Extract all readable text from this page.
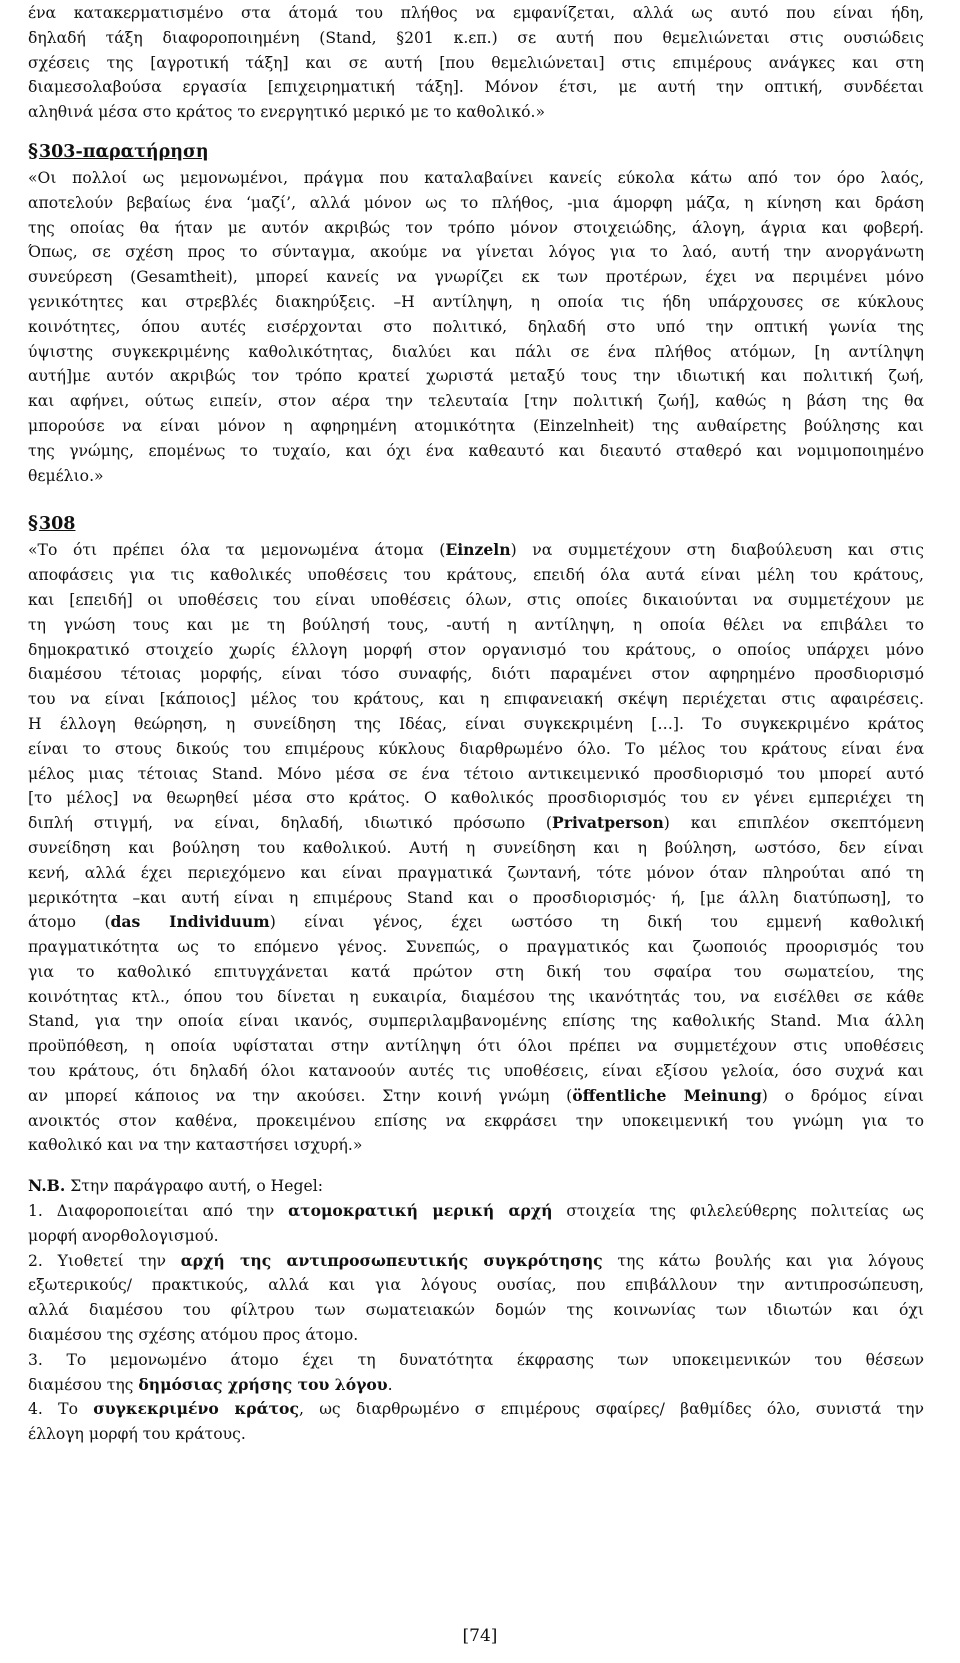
ένα κατακερματισμένο στα άτομά του πλήθος να εμφανίζεται, αλλά ως αυτό που είναι ήδη,
δηλαδή τάξη διαφοροποιημένη (Stand, §201 κ.επ.) σε αυτή που θεμελιώνεται στις ουσιώδεις
σχέσεις της [αγροτική τάξη] και σε αυτή [που θεμελιώνεται] στις επιμέρους ανάγκες και στη
διαμεσολαβούσα εργασία [επιχειρηματική τάξη]. Μόνον έτσι, με αυτή την οπτική, συνδέεται
αληθινά μέσα στο κράτος το ενεργητικό μερικό με το καθολικό.»
§303-παρατήρηση
«Οι πολλοί ως μεμονωμένοι, πράγμα που καταλαβαίνει κανείς εύκολα κάτω από τον όρο λαός,
αποτελούν βεβαίως ένα ‘μαζί’, αλλά μόνον ως το πλήθος, -μια άμορφη μάζα, η κίνηση και δράση
της οποίας θα ήταν με αυτόν ακριβώς τον τρόπο μόνον στοιχειώδης, άλογη, άγρια και φοβερή.
Όπως, σε σχέση προς το σύνταγμα, ακούμε να γίνεται λόγος για το λαό, αυτή την ανοργάνωτη
συνεύρεση (Gesamtheit), μπορεί κανείς να γνωρίζει εκ των προτέρων, έχει να περιμένει μόνο
γενικότητες και στρεβλές διακηρύξεις. –Η αντίληψη, η οποία τις ήδη υπάρχουσες σε κύκλους
κοινότητες, όπου αυτές εισέρχονται στο πολιτικό, δηλαδή στο υπό την οπτική γωνία της
ύψιστης συγκεκριμένης καθολικότητας, διαλύει και πάλι σε ένα πλήθος ατόμων, [η αντίληψη
αυτή]με αυτόν ακριβώς τον τρόπο κρατεί χωριστά μεταξύ τους την ιδιωτική και πολιτική ζωή,
και αφήνει, ούτως ειπείν, στον αέρα την τελευταία [την πολιτική ζωή], καθώς η βάση της θα
μπορούσε να είναι μόνον η αφηρημένη ατομικότητα (Einzelnheit) της αυθαίρετης βούλησης και
της γνώμης, επομένως το τυχαίο, και όχι ένα καθεαυτό και διεαυτό σταθερό και νομιμοποιημένο
θεμέλιο.»
§308
«Το ότι πρέπει όλα τα μεμονωμένα άτομα (Einzeln) να συμμετέχουν στη διαβούλευση και στις
αποφάσεις για τις καθολικές υποθέσεις του κράτους, επειδή όλα αυτά είναι μέλη του κράτους,
και [επειδή] οι υποθέσεις του είναι υποθέσεις όλων, στις οποίες δικαιούνται να συμμετέχουν με
τη γνώση τους και με τη βούλησή τους, -αυτή η αντίληψη, η οποία θέλει να επιβάλει το
δημοκρατικό στοιχείο χωρίς έλλογη μορφή στον οργανισμό του κράτους, ο οποίος υπάρχει μόνο
διαμέσου τέτοιας μορφής, είναι τόσο συναφής, διότι παραμένει στον αφηρημένο προσδιορισμό
του να είναι [κάποιος] μέλος του κράτους, και η επιφανειακή σκέψη περιέχεται στις αφαιρέσεις.
Η έλλογη θεώρηση, η συνείδηση της Ιδέας, είναι συγκεκριμένη […]. Το συγκεκριμένο κράτος
είναι το στους δικούς του επιμέρους κύκλους διαρθρωμένο όλο. Το μέλος του κράτους είναι ένα
μέλος μιας τέτοιας Stand. Μόνο μέσα σε ένα τέτοιο αντικειμενικό προσδιορισμό του μπορεί αυτό
[το μέλος] να θεωρηθεί μέσα στο κράτος. Ο καθολικός προσδιορισμός του εν γένει εμπεριέχει τη
διπλή στιγμή, να είναι, δηλαδή, ιδιωτικό πρόσωπο (Privatperson) και επιπλέον σκεπτόμενη
συνείδηση και βούληση του καθολικού. Αυτή η συνείδηση και η βούληση, ωστόσο, δεν είναι
κενή, αλλά έχει περιεχόμενο και είναι πραγματικά ζωντανή, τότε μόνον όταν πληρούται από τη
μερικότητα –και αυτή είναι η επιμέρους Stand και ο προσδιορισμός· ή, [με άλλη διατύπωση], το
άτομο (das Individuum) είναι γένος, έχει ωστόσο τη δική του εμμενή καθολική
πραγματικότητα ως το επόμενο γένος. Συνεπώς, ο πραγματικός και ζωοποιός προορισμός του
για το καθολικό επιτυγχάνεται κατά πρώτον στη δική του σφαίρα του σωματείου, της
κοινότητας κτλ., όπου του δίνεται η ευκαιρία, διαμέσου της ικανότητάς του, να εισέλθει σε κάθε
Stand, για την οποία είναι ικανός, συμπεριλαμβανομένης επίσης της καθολικής Stand. Μια άλλη
προϋπόθεση, η οποία υφίσταται στην αντίληψη ότι όλοι πρέπει να συμμετέχουν στις υποθέσεις
του κράτους, ότι δηλαδή όλοι κατανοούν αυτές τις υποθέσεις, είναι εξίσου γελοία, όσο συχνά και
αν μπορεί κάποιος να την ακούσει. Στην κοινή γνώμη (öffentliche Meinung) ο δρόμος είναι
ανοικτός στον καθένα, προκειμένου επίσης να εκφράσει την υποκειμενική του γνώμη για το
καθολικό και να την καταστήσει ισχυρή.»
N.B. Στην παράγραφο αυτή, ο Hegel:
1. Διαφοροποιείται από την ατομοκρατική μερική αρχή στοιχεία της φιλελεύθερης πολιτείας ως
μορφή ανορθολογισμού.
2. Υιοθετεί την αρχή της αντιπροσωπευτικής συγκρότησης της κάτω βουλής και για λόγους
εξωτερικούς/ πρακτικούς, αλλά και για λόγους ουσίας, που επιβάλλουν την αντιπροσώπευση,
αλλά διαμέσου του φίλτρου των σωματειακών δομών της κοινωνίας των ιδιωτών και όχι
διαμέσου της σχέσης ατόμου προς άτομο.
3. Το μεμονωμένο άτομο έχει τη δυνατότητα έκφρασης των υποκειμενικών του θέσεων
διαμέσου της δημόσιας χρήσης του λόγου.
4. Το συγκεκριμένο κράτος, ως διαρθρωμένο σ επιμέρους σφαίρες/ βαθμίδες όλο, συνιστά την
έλλογη μορφή του κράτους.
[74]
